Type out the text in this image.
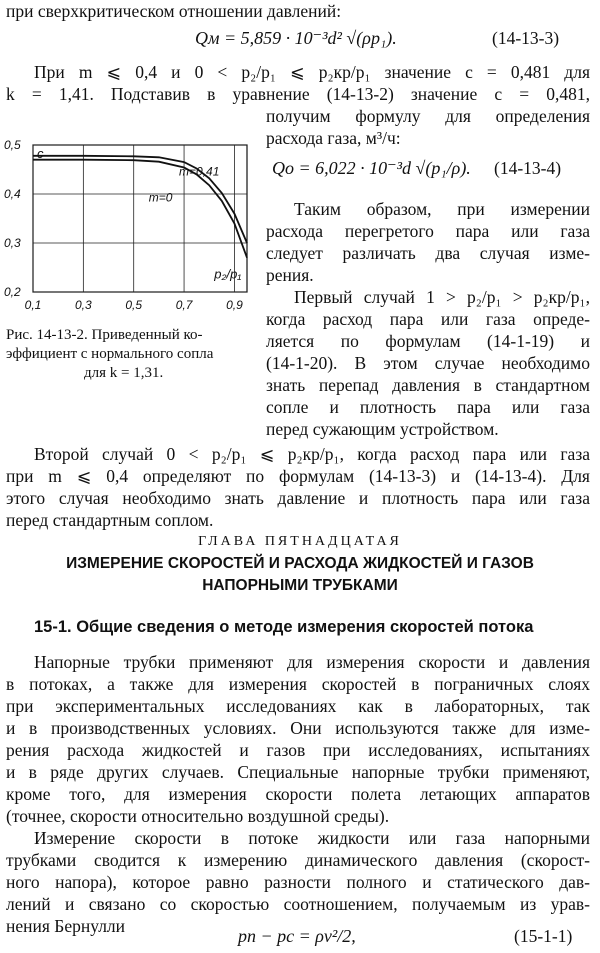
при сверхкритическом отношении давлений:
Qм = 5,859 · 10⁻³d² √(ρp₁).	(14-13-3)
При m ⩽ 0,4 и 0 < p₂/p₁ ⩽ p₂кр/p₁ значение c = 0,481 для
k = 1,41. Подставив в уравнение (14-13-2) значение c = 0,481,
получим формулу для определения
расхода газа, м³/ч:
0,1	0,3	0,5	0,7	0,9
0,5
0,4
0,3
0,2
m=0,41
m=0
c
p₂/p₁
Рис. 14-13-2. Приведенный ко-
эффициент c нормального сопла
для k = 1,31.
Qо = 6,022 · 10⁻³d √(p₁/ρ). (14-13-4)
Таким образом, при измерении
расхода перегретого пара или газа
следует различать два случая изме-
рения.
Первый случай 1 > p₂/p₁ > p₂кр/p₁,
когда расход пара или газа опреде-
ляется по формулам (14-1-19) и
(14-1-20). В этом случае необходимо
знать перепад давления в стандартном
сопле и плотность пара или газа
перед сужающим устройством.
Второй случай 0 < p₂/p₁ ⩽ p₂кр/p₁, когда расход пара или газа
при m ⩽ 0,4 определяют по формулам (14-13-3) и (14-13-4). Для
этого случая необходимо знать давление и плотность пара или газа
перед стандартным соплом.
ГЛАВА ПЯТНАДЦАТАЯ
ИЗМЕРЕНИЕ СКОРОСТЕЙ И РАСХОДА ЖИДКОСТЕЙ И ГАЗОВ
НАПОРНЫМИ ТРУБКАМИ
15-1. Общие сведения о методе измерения скоростей потока
Напорные трубки применяют для измерения скорости и давления
в потоках, а также для измерения скоростей в пограничных слоях
при экспериментальных исследованиях как в лабораторных, так
и в производственных условиях. Они используются также для изме-
рения расхода жидкостей и газов при исследованиях, испытаниях
и в ряде других случаев. Специальные напорные трубки применяют,
кроме того, для измерения скорости полета летающих аппаратов
(точнее, скорости относительно воздушной среды).
Измерение скорости в потоке жидкости или газа напорными
трубками сводится к измерению динамического давления (скорост-
ного напора), которое равно разности полного и статического дав-
лений и связано со скоростью соотношением, получаемым из урав-
нения Бернулли	pп − pс = ρv²/2,	(15-1-1)
